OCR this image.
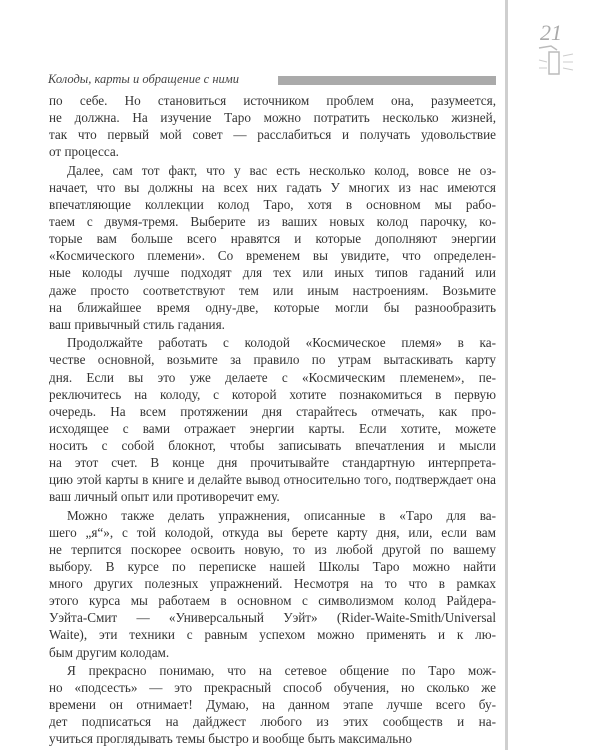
21
Колоды, карты и обращение с ними
по себе. Но становиться источником проблем она, разумеется,
не должна. На изучение Таро можно потратить несколько жизней,
так что первый мой совет — расслабиться и получать удовольствие
от процесса.
Далее, сам тот факт, что у вас есть несколько колод, вовсе не оз-
начает, что вы должны на всех них гадать У многих из нас имеются
впечатляющие коллекции колод Таро, хотя в основном мы рабо-
таем с двумя-тремя. Выберите из ваших новых колод парочку, ко-
торые вам больше всего нравятся и которые дополняют энергии
«Космического племени». Со временем вы увидите, что определен-
ные колоды лучше подходят для тех или иных типов гаданий или
даже просто соответствуют тем или иным настроениям. Возьмите
на ближайшее время одну-две, которые могли бы разнообразить
ваш привычный стиль гадания.
Продолжайте работать с колодой «Космическое племя» в ка-
честве основной, возьмите за правило по утрам вытаскивать карту
дня. Если вы это уже делаете с «Космическим племенем», пе-
реключитесь на колоду, с которой хотите познакомиться в первую
очередь. На всем протяжении дня старайтесь отмечать, как про-
исходящее с вами отражает энергии карты. Если хотите, можете
носить с собой блокнот, чтобы записывать впечатления и мысли
на этот счет. В конце дня прочитывайте стандартную интерпрета-
цию этой карты в книге и делайте вывод относительно того, подтверждает она
ваш личный опыт или противоречит ему.
Можно также делать упражнения, описанные в «Таро для ва-
шего „я“», с той колодой, откуда вы берете карту дня, или, если вам
не терпится поскорее освоить новую, то из любой другой по вашему
выбору. В курсе по переписке нашей Школы Таро можно найти
много других полезных упражнений. Несмотря на то что в рамках
этого курса мы работаем в основном с символизмом колод Райдера-
Уэйта-Смит — «Универсальный Уэйт» (Rider-Waite-Smith/Universal
Waite), эти техники с равным успехом можно применять и к лю-
бым другим колодам.
Я прекрасно понимаю, что на сетевое общение по Таро мож-
но «подсесть» — это прекрасный способ обучения, но сколько же
времени он отнимает! Думаю, на данном этапе лучше всего бу-
дет подписаться на дайджест любого из этих сообществ и на-
учиться проглядывать темы быстро и вообще быть максимально
